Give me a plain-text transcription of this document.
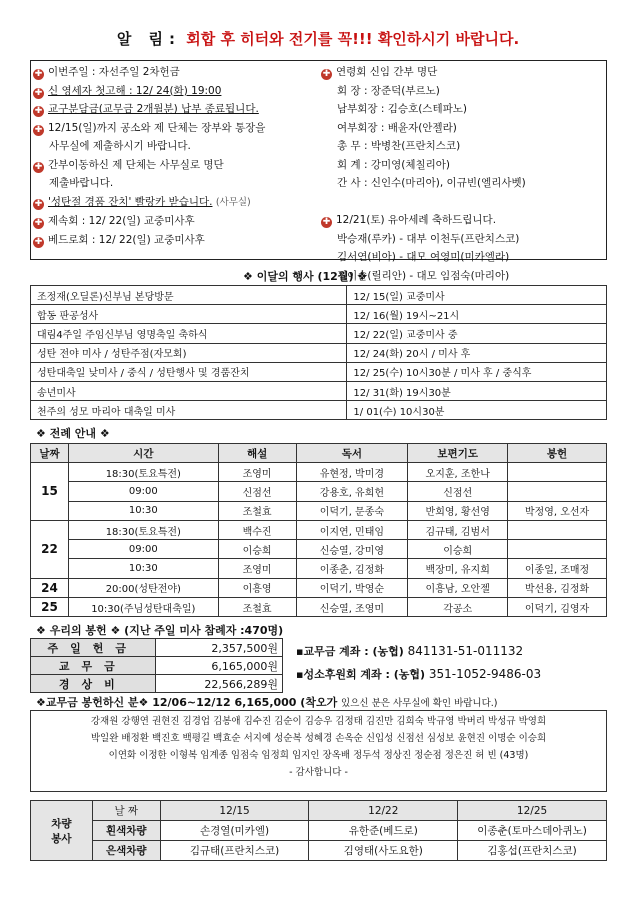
알 림: 회합 후 히터와 전기를 꼭!!! 확인하시기 바랍니다.
✚ 이번주일 : 자선주일 2차헌금
✚ 신 영세자 첫고해 : 12/ 24(화) 19:00
✚ 교구분담금(교무금 2개월분) 납부 종료됩니다.
✚ 12/15(일)까지 공소와 제 단체는 장부와 통장을
사무실에 제출하시기 바랍니다.
✚ 간부이동하신 제 단체는 사무실로 명단
제출바랍니다.
✚ '성탄절 경품 잔치' 빨랑카 받습니다. (사무실)
✚ 제속회 : 12/ 22(일) 교중미사후
✚ 베드로회 : 12/ 22(일) 교중미사후
✚ 연령회 신임 간부 명단
회 장 : 장준덕(부르노)
남부회장 : 김승호(스테파노)
여부회장 : 배윤자(안젤라)
총 무 : 박병찬(프란치스코)
회 계 : 강미영(체칠리아)
간 사 : 신인수(마리아), 이규빈(엘리사벳)

✚ 12/21(토) 유아세례 축하드립니다.
박승재(루카) - 대부 이천두(프란치스코)
김서연(비아) - 대모 여영미(미카엘라)
김이솔(릴리안) - 대모 임점숙(마리아)
❖ 이달의 행사 (12월) ❖
조정재(오딜론)신부님 본당방문	12/ 15(일) 교중미사
합동 판공성사	12/ 16(월) 19시~21시
대림4주일 주임신부님 영명축일 축하식	12/ 22(일) 교중미사 중
성탄 전야 미사 / 성탄주점(자모회)	12/ 24(화) 20시 / 미사 후
성탄대축일 낮미사 / 중식 / 성탄행사 및 경품잔치	12/ 25(수) 10시30분 / 미사 후 / 중식후
송년미사	12/ 31(화) 19시30분
천주의 성모 마리아 대축일 미사	1/ 01(수) 10시30분
❖ 전례 안내 ❖
날짜	시간	해설	독서	보편기도	봉헌
15	18:30(토요특전)	조영미	유현정, 박미경	오지훈, 조한나	
	09:00	신점선	강용호, 유희헌	신점선	
	10:30	조철효	이덕기, 문종숙	반희영, 황선영	박정영, 오선자
22	18:30(토요특전)	백수진	이지연, 민태임	김규태, 김범서	
	09:00	이승희	신승열, 강미영	이승희	
	10:30	조영미	이종춘, 김정화	백장미, 유지희	이종일, 조매정
24	20:00(성탄전야)	이흥영	이덕기, 박영순	이흥남, 오안젤	박선용, 김정화
25	10:30(주님성탄대축일)	조철효	신승열, 조영미	각공소	이덕기, 김영자
❖ 우리의 봉헌 ❖ (지난 주일 미사 참례자 :470명)
주일헌금	2,357,500원
교무금	6,165,000원
경상비	22,566,289원
▪교무금 계좌 : (농협) 841131-51-011132
▪성소후원회 계좌 : (농협) 351-1052-9486-03
❖교무금 봉헌하신 분❖ 12/06~12/12 6,165,000 (착오가 있으신 분은 사무실에 확인 바랍니다.)
강재원 강행연 권현진 김경업 김봉애 김수진 김순이 김승우 김정태 김진만 김희숙 박규영 박버리 박성규 박영희
박일완 배정환 백진호 백평길 백효순 서지예 성순복 성혜경 손옥순 신입성 신점선 심성보 윤현진 이명순 이승희
이연화 이정한 이형복 임계종 임점숙 임정희 임지인 장옥배 정두석 정상진 정순점 정은진 허 빈 (43명)
- 감사합니다 -
차량
봉사	날 짜	12/15	12/22	12/25
	흰색차량	손경열(미카엘)	유한준(베드로)	이종춘(토마스데아퀴노)
	은색차량	김규태(프란치스코)	김영태(사도요한)	김홍섭(프란치스코)
